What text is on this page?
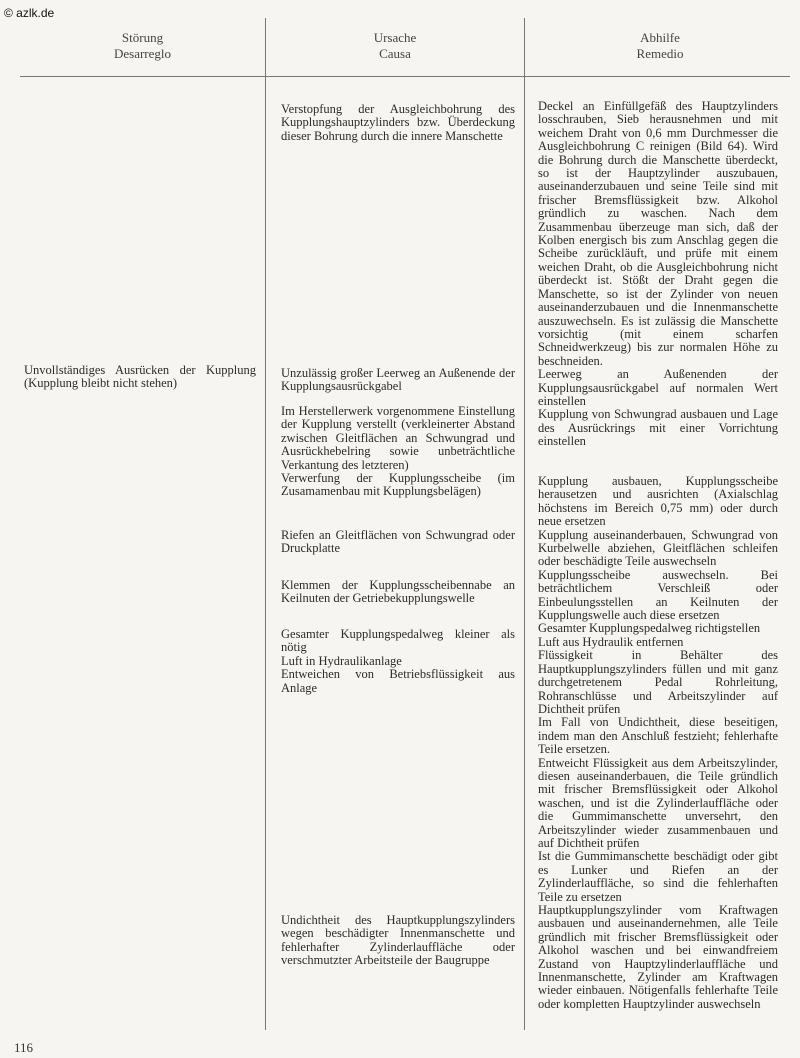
© azlk.de
Störung
Desarreglo
Ursache
Causa
Abhilfe
Remedio
Unvollständiges Ausrücken der Kupplung (Kupplung bleibt nicht stehen)
Verstopfung der Ausgleichbohrung des Kupplungshauptzylinders bzw. Überdeckung dieser Bohrung durch die innere Manschette
Unzulässig großer Leerweg an Außenende der Kupplungsausrückgabel
Im Herstellerwerk vorgenommene Einstellung der Kupplung verstellt (verkleinerter Abstand zwischen Gleitflächen an Schwungrad und Ausrückhebelring sowie unbeträchtliche Verkantung des letzteren)
Verwerfung der Kupplungsscheibe (im Zusamamenbau mit Kupplungsbelägen)
Riefen an Gleitflächen von Schwungrad oder Druckplatte
Klemmen der Kupplungsscheibennabe an Keilnuten der Getriebekupplungswelle
Gesamter Kupplungspedalweg kleiner als nötig
Luft in Hydraulikanlage
Entweichen von Betriebsflüssigkeit aus Anlage
Undichtheit des Hauptkupplungszylinders wegen beschädigter Innenmanschette und fehlerhafter Zylinderlauffläche oder verschmutzter Arbeitsteile der Baugruppe
Deckel an Einfüllgefäß des Hauptzylinders losschrauben, Sieb herausnehmen und mit weichem Draht von 0,6 mm Durchmesser die Ausgleichbohrung C reinigen (Bild 64). Wird die Bohrung durch die Manschette überdeckt, so ist der Hauptzylinder auszubauen, auseinanderzubauen und seine Teile sind mit frischer Bremsflüssigkeit bzw. Alkohol gründlich zu waschen. Nach dem Zusammenbau überzeuge man sich, daß der Kolben energisch bis zum Anschlag gegen die Scheibe zurückläuft, und prüfe mit einem weichen Draht, ob die Ausgleichbohrung nicht überdeckt ist. Stößt der Draht gegen die Manschette, so ist der Zylinder von neuen auseinanderzubauen und die Innenmanschette auszuwechseln. Es ist zulässig die Manschette vorsichtig (mit einem scharfen Schneidwerkzeug) bis zur normalen Höhe zu beschneiden.
Leerweg an Außenenden der Kupplungsausrückgabel auf normalen Wert einstellen
Kupplung von Schwungrad ausbauen und Lage des Ausrückrings mit einer Vorrichtung einstellen
Kupplung ausbauen, Kupplungsscheibe herausetzen und ausrichten (Axialschlag höchstens im Bereich 0,75 mm) oder durch neue ersetzen
Kupplung auseinanderbauen, Schwungrad von Kurbelwelle abziehen, Gleitflächen schleifen oder beschädigte Teile auswechseln
Kupplungsscheibe auswechseln. Bei beträchtlichem Verschleiß oder Einbeulungsstellen an Keilnuten der Kupplungswelle auch diese ersetzen
Gesamter Kupplungspedalweg richtigstellen
Luft aus Hydraulik entfernen
Flüssigkeit in Behälter des Hauptkupplungszylinders füllen und mit ganz durchgetretenem Pedal Rohrleitung, Rohranschlüsse und Arbeitszylinder auf Dichtheit prüfen
Im Fall von Undichtheit, diese beseitigen, indem man den Anschluß festzieht; fehlerhafte Teile ersetzen.
Entweicht Flüssigkeit aus dem Arbeitszylinder, diesen auseinanderbauen, die Teile gründlich mit frischer Bremsflüssigkeit oder Alkohol waschen, und ist die Zylinderlauffläche oder die Gummimanschette unversehrt, den Arbeitszylinder wieder zusammenbauen und auf Dichtheit prüfen
Ist die Gummimanschette beschädigt oder gibt es Lunker und Riefen an der Zylinderlauffläche, so sind die fehlerhaften Teile zu ersetzen
Hauptkupplungszylinder vom Kraftwagen ausbauen und auseinandernehmen, alle Teile gründlich mit frischer Bremsflüssigkeit oder Alkohol waschen und bei einwandfreiem Zustand von Hauptzylinderlauffläche und Innenmanschette, Zylinder am Kraftwagen wieder einbauen. Nötigenfalls fehlerhafte Teile oder kompletten Hauptzylinder auswechseln
116
